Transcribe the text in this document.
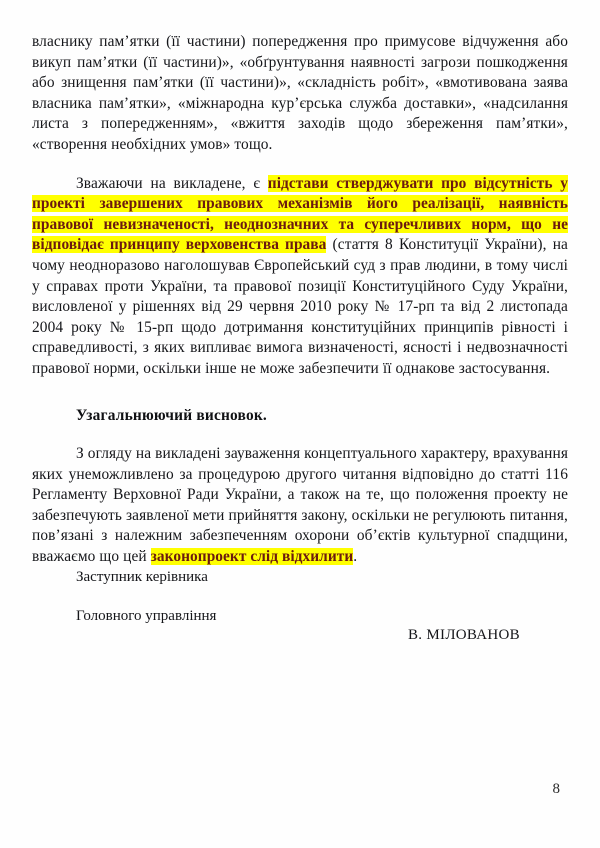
власнику пам’ятки (її частини) попередження про примусове відчуження або викуп пам’ятки (її частини)», «обґрунтування наявності загрози пошкодження або знищення пам’ятки (її частини)», «складність робіт», «вмотивована заява власника пам’ятки», «міжнародна кур’єрська служба доставки», «надсилання листа з попередженням», «вжиття заходів щодо збереження пам’ятки», «створення необхідних умов» тощо.

Зважаючи на викладене, є підстави стверджувати про відсутність у проекті завершених правових механізмів його реалізації, наявність правової невизначеності, неоднозначних та суперечливих норм, що не відповідає принципу верховенства права (стаття 8 Конституції України), на чому неодноразово наголошував Європейський суд з прав людини, в тому числі у справах проти України, та правової позиції Конституційного Суду України, висловленої у рішеннях від 29 червня 2010 року № 17-рп та від 2 листопада 2004 року № 15-рп щодо дотримання конституційних принципів рівності і справедливості, з яких випливає вимога визначеності, ясності і недвозначності правової норми, оскільки інше не може забезпечити її однакове застосування.

Узагальнюючий висновок.

З огляду на викладені зауваження концептуального характеру, врахування яких унеможливлено за процедурою другого читання відповідно до статті 116 Регламенту Верховної Ради України, а також на те, що положення проекту не забезпечують заявленої мети прийняття закону, оскільки не регулюють питання, пов’язані з належним забезпеченням охорони об’єктів культурної спадщини, вважаємо що цей законопроект слід відхилити.

Заступник керівника

Головного управління

В. МІЛОВАНОВ
8
